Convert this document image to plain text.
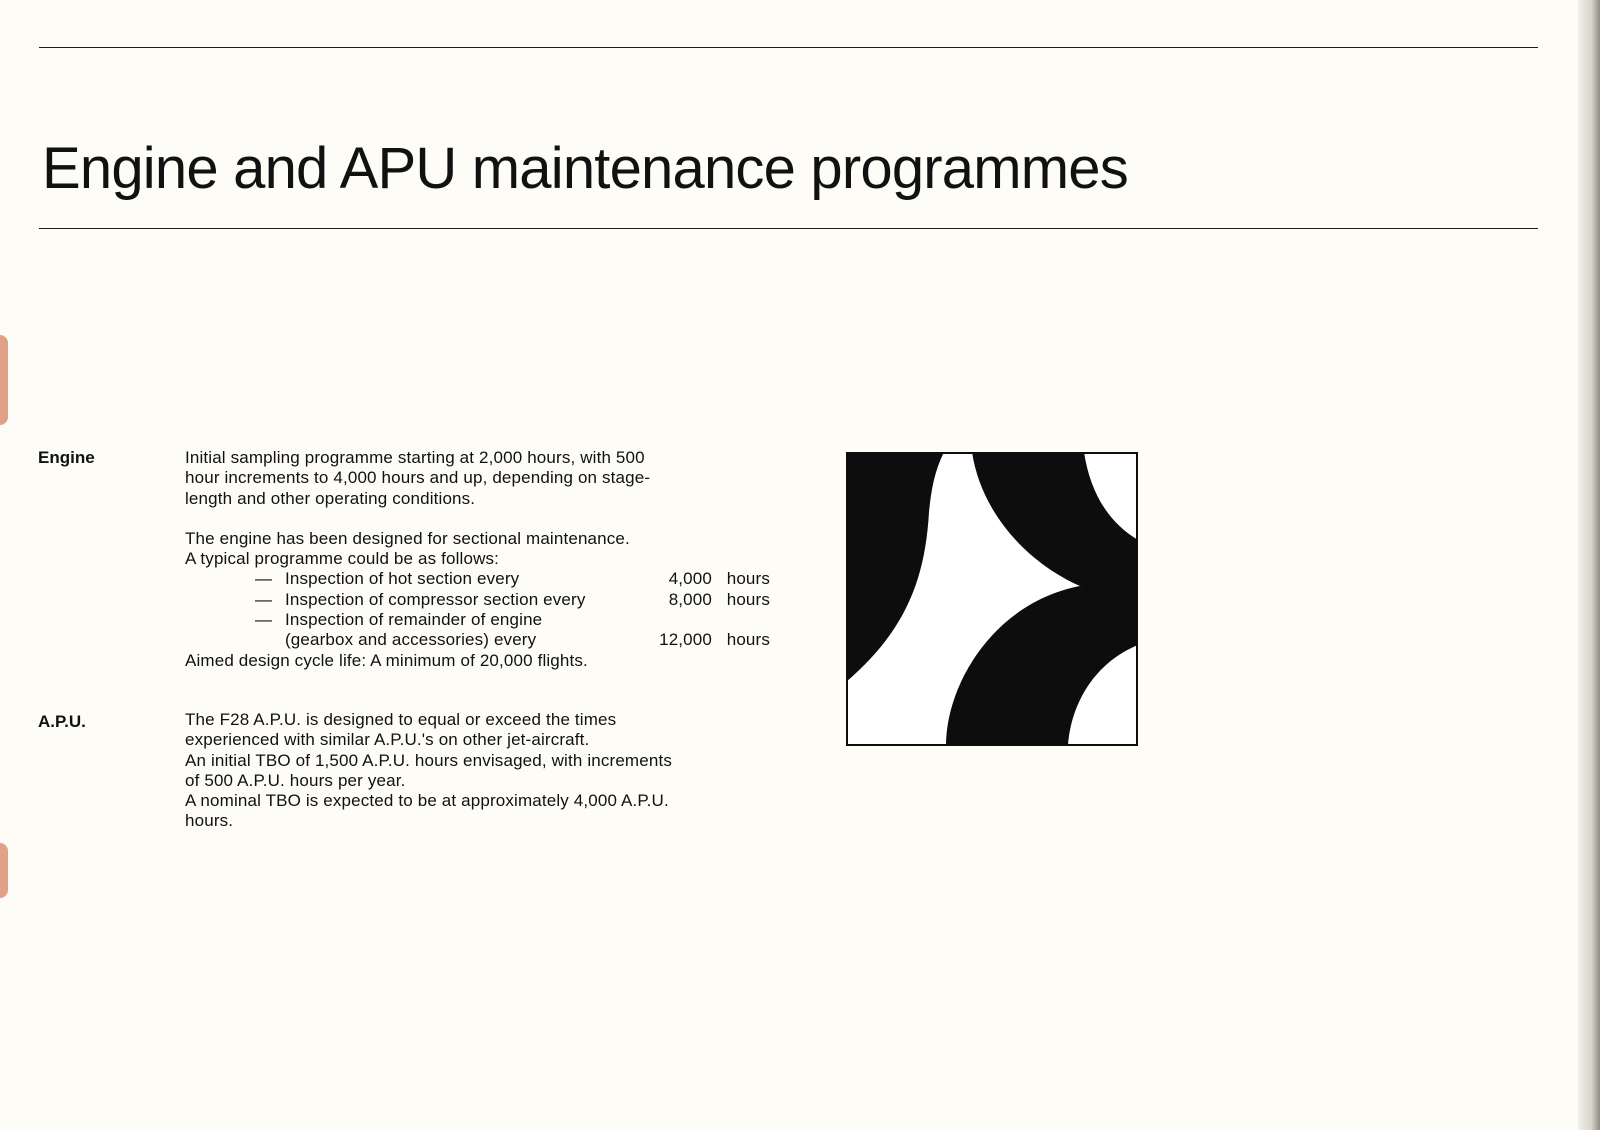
Engine and APU maintenance programmes
Engine	Initial sampling programme starting at 2,000 hours, with 500

hour increments to 4,000 hours and up, depending on stage-

length and other operating conditions.

The engine has been designed for sectional maintenance.

A typical programme could be as follows:

— Inspection of hot section every	4,000 hours
— Inspection of compressor section every	8,000 hours
— Inspection of remainder of engine
(gearbox and accessories) every	12,000 hours

Aimed design cycle life: A minimum of 20,000 flights.

A.P.U.	The F28 A.P.U. is designed to equal or exceed the times

experienced with similar A.P.U.'s on other jet-aircraft.

An initial TBO of 1,500 A.P.U. hours envisaged, with increments

of 500 A.P.U. hours per year.

A nominal TBO is expected to be at approximately 4,000 A.P.U.

hours.
